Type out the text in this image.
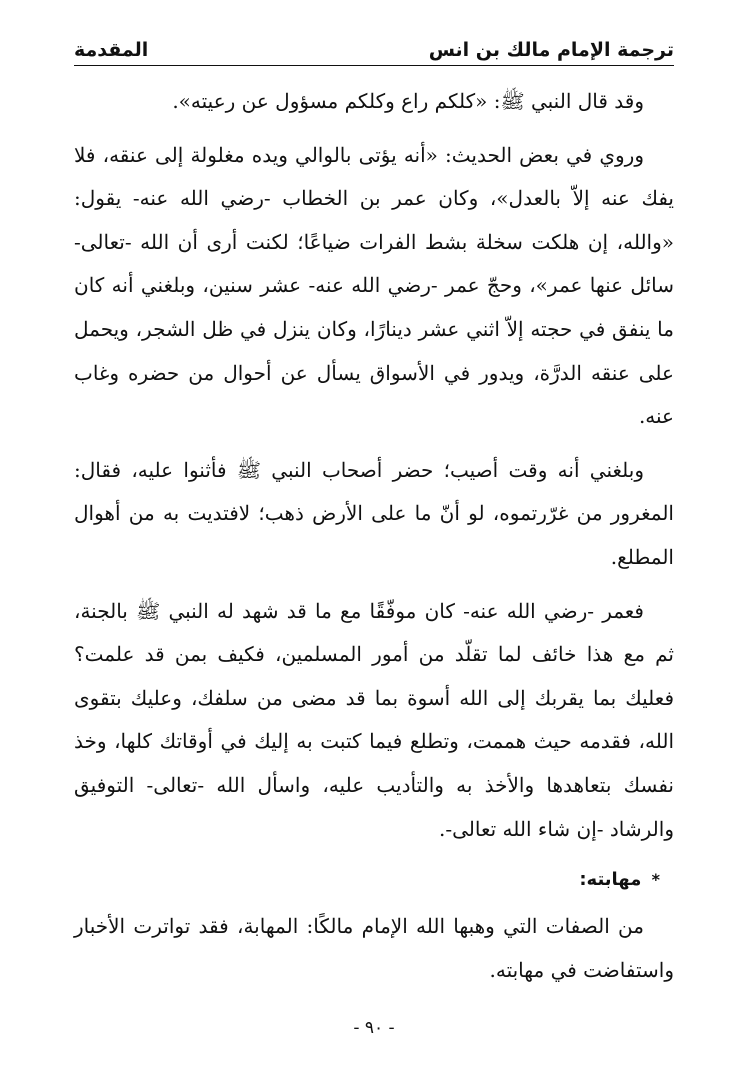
ترجمة الإمام مالك بن انس
المقدمة

وقد قال النبي ﷺ: «كلكم راع وكلكم مسؤول عن رعيته».

وروي في بعض الحديث: «أنه يؤتى بالوالي ويده مغلولة إلى عنقه، فلا يفك عنه إلاّ بالعدل»، وكان عمر بن الخطاب -رضي الله عنه- يقول: «والله، إن هلكت سخلة بشط الفرات ضياعًا؛ لكنت أرى أن الله -تعالى- سائل عنها عمر»، وحجّ عمر -رضي الله عنه- عشر سنين، وبلغني أنه كان ما ينفق في حجته إلاّ اثني عشر دينارًا، وكان ينزل في ظل الشجر، ويحمل على عنقه الدرَّة، ويدور في الأسواق يسأل عن أحوال من حضره وغاب عنه.

وبلغني أنه وقت أصيب؛ حضر أصحاب النبي ﷺ فأثنوا عليه، فقال: المغرور من غرّرتموه، لو أنّ ما على الأرض ذهب؛ لافتديت به من أهوال المطلع.

فعمر -رضي الله عنه- كان موفّقًا مع ما قد شهد له النبي ﷺ بالجنة، ثم مع هذا خائف لما تقلّد من أمور المسلمين، فكيف بمن قد علمت؟ فعليك بما يقربك إلى الله أسوة بما قد مضى من سلفك، وعليك بتقوى الله، فقدمه حيث هممت، وتطلع فيما كتبت به إليك في أوقاتك كلها، وخذ نفسك بتعاهدها والأخذ به والتأديب عليه، واسأل الله -تعالى- التوفيق والرشاد -إن شاء الله تعالى-.

* مهابته:

من الصفات التي وهبها الله الإمام مالكًا: المهابة، فقد تواترت الأخبار واستفاضت في مهابته.

- ٩٠ -
